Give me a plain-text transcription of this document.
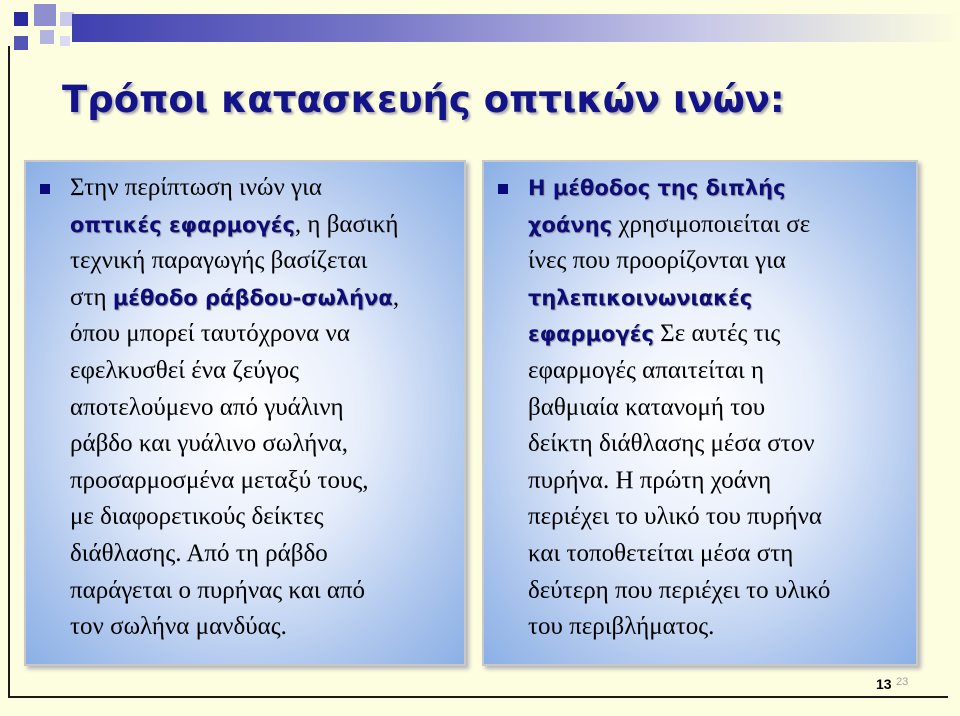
Τρόποι κατασκευής οπτικών ινών:

Στην περίπτωση ινών για
οπτικές εφαρμογές, η βασική
τεχνική παραγωγής βασίζεται
στη μέθοδο ράβδου-σωλήνα,
όπου μπορεί ταυτόχρονα να
εφελκυσθεί ένα ζεύγος
αποτελούμενο από γυάλινη
ράβδο και γυάλινο σωλήνα,
προσαρμοσμένα μεταξύ τους,
με διαφορετικούς δείκτες
διάθλασης. Από τη ράβδο
παράγεται ο πυρήνας και από
τον σωλήνα μανδύας.

Η μέθοδος της διπλής
χοάνης χρησιμοποιείται σε
ίνες που προορίζονται για
τηλεπικοινωνιακές
εφαρμογές Σε αυτές τις
εφαρμογές απαιτείται η
βαθμιαία κατανομή του
δείκτη διάθλασης μέσα στον
πυρήνα. Η πρώτη χοάνη
περιέχει το υλικό του πυρήνα
και τοποθετείται μέσα στη
δεύτερη που περιέχει το υλικό
του περιβλήματος.

13 23
